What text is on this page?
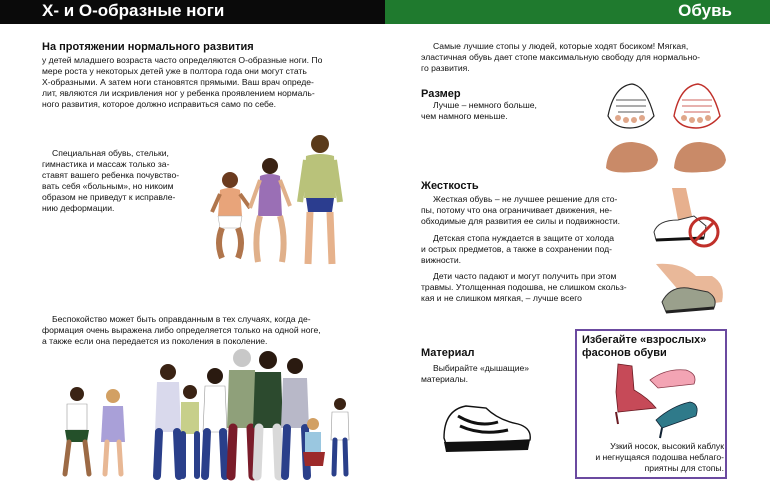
X- и О-образные ноги	Обувь
На протяжении нормального развития
у детей младшего возраста часто определяются О-образные ноги. По
мере роста у некоторых детей уже в полтора года они могут стать
Х-образными. А затем ноги становятся прямыми. Ваш врач опреде-
лит, являются ли искривления ног у ребенка проявлением нормаль-
ного развития, которое должно исправиться само по себе.
Специальная обувь, стельки,
гимнастика и массаж только за-
ставят вашего ребенка почувство-
вать себя «больным», но никоим
образом не приведут к исправле-
нию деформации.
Беспокойство может быть оправданным в тех случаях, когда де-
формация очень выражена либо определяется только на одной ноге,
а также если она передается из поколения в поколение.
Самые лучшие стопы у людей, которые ходят босиком! Мягкая,
эластичная обувь дает стопе максимальную свободу для нормально-
го развития.
Размер
Лучше – немного больше,
чем намного меньше.
Жесткость
Жесткая обувь – не лучшее решение для сто-
пы, потому что она ограничивает движения, не-
обходимые для развития ее силы и подвижности.
Детская стопа нуждается в защите от холода
и острых предметов, а также в сохранении под-
вижности.
Дети часто падают и могут получить при этом
травмы. Утолщенная подошва, не слишком скольз-
кая и не слишком мягкая, – лучше всего
Материал
Выбирайте «дышащие»
материалы.
Избегайте «взрослых»
фасонов обуви
Узкий носок, высокий каблук
и негнущаяся подошва неблаго-
приятны для стопы.
